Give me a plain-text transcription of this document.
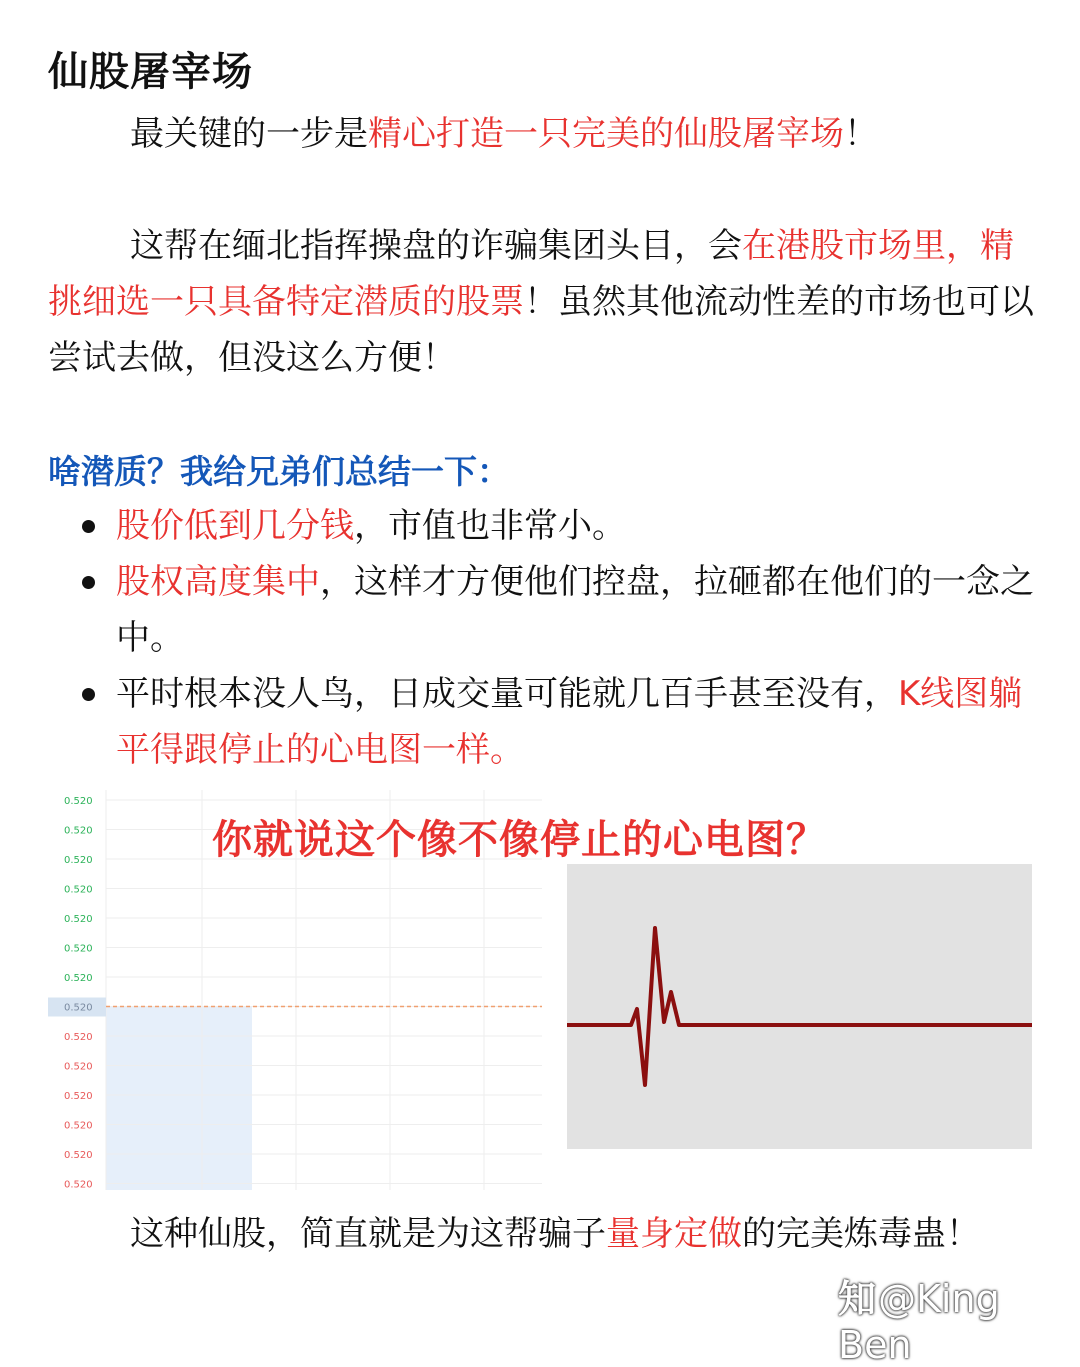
仙股屠宰场

最关键的一步是精心打造一只完美的仙股屠宰场！

这帮在缅北指挥操盘的诈骗集团头目，会在港股市场里，精挑细选一只具备特定潜质的股票！虽然其他流动性差的市场也可以尝试去做，但没这么方便！

啥潜质？我给兄弟们总结一下：
股价低到几分钱，市值也非常小。
股权高度集中，这样才方便他们控盘，拉砸都在他们的一念之中。
平时根本没人鸟，日成交量可能就几百手甚至没有，K线图躺平得跟停止的心电图一样。
0.520
0.520
0.520
0.520
0.520
0.520
0.520
0.520
0.520
0.520
0.520
0.520
0.520
0.520

你就说这个像不像停止的心电图？

这种仙股，简直就是为这帮骗子量身定做的完美炼毒蛊！

知@King Ben
